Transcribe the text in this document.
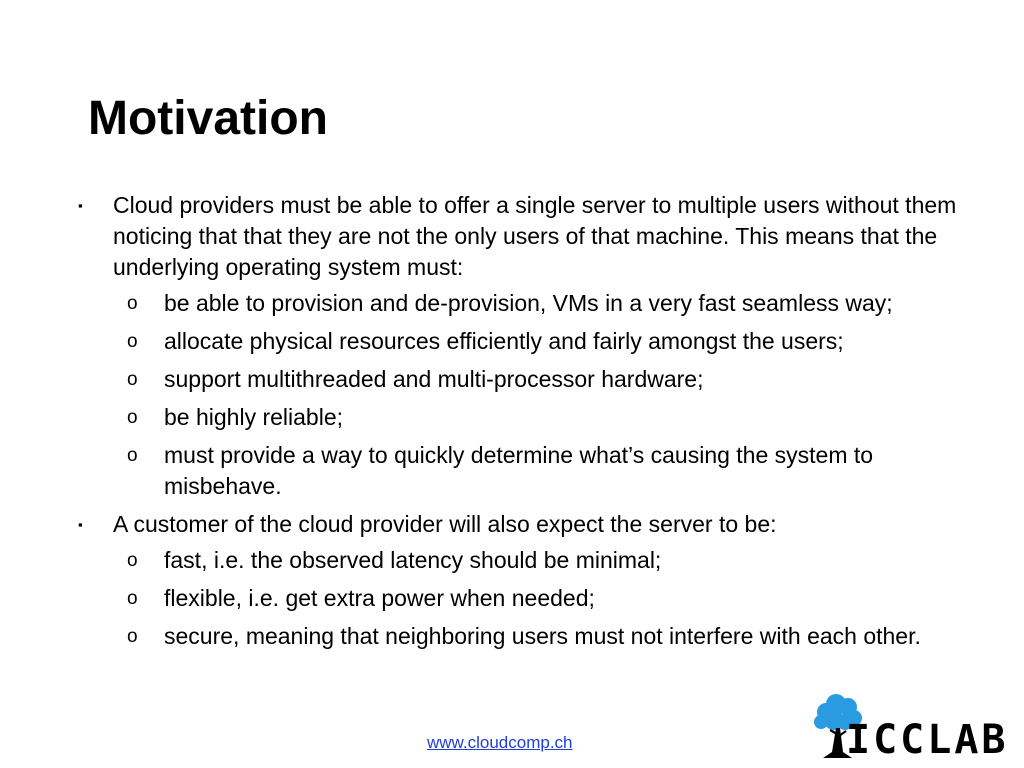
Motivation

▪ Cloud providers must be able to offer a single server to multiple users without them noticing that that they are not the only users of that machine. This means that the underlying operating system must:

o be able to provision and de-provision, VMs in a very fast seamless way;
o allocate physical resources efficiently and fairly amongst the users;
o support multithreaded and multi-processor hardware;
o be highly reliable;
o must provide a way to quickly determine what’s causing the system to misbehave.

▪ A customer of the cloud provider will also expect the server to be:

o fast, i.e. the observed latency should be minimal;
o flexible, i.e. get extra power when needed;
o secure, meaning that neighboring users must not interfere with each other.
www.cloudcomp.ch	ICCLAB
